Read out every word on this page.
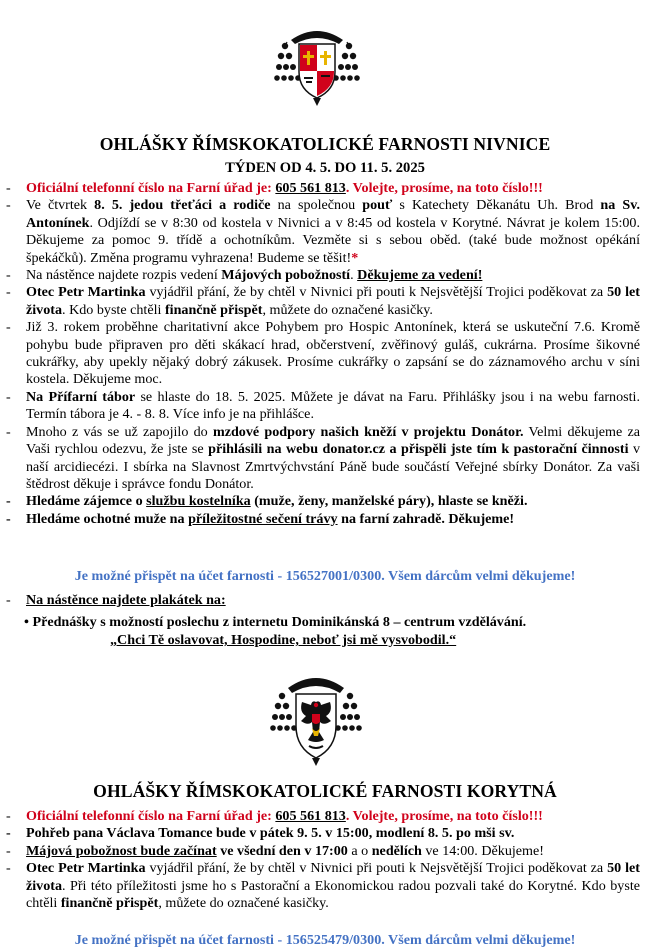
OHLÁŠKY ŘÍMSKOKATOLICKÉ FARNOSTI NIVNICE
TÝDEN OD 4. 5. DO 11. 5. 2025

- Oficiální telefonní číslo na Farní úřad je: 605 561 813. Volejte, prosíme, na toto číslo!!!

- Ve čtvrtek 8. 5. jedou třeťáci a rodiče na společnou pouť s Katechety Děkanátu Uh. Brod na Sv. Antonínek. Odjíždí se v 8:30 od kostela v Nivnici a v 8:45 od kostela v Korytné. Návrat je kolem 15:00. Děkujeme za pomoc 9. třídě a ochotníkům. Vezměte si s sebou oběd. (také bude možnost opékání špekáčků). Změna programu vyhrazena! Budeme se těšit!*

- Na nástěnce najdete rozpis vedení Májových pobožností. Děkujeme za vedení!

- Otec Petr Martinka vyjádřil přání, že by chtěl v Nivnici při pouti k Nejsvětější Trojici poděkovat za 50 let života. Kdo byste chtěli finančně přispět, můžete do označené kasičky.

- Již 3. rokem proběhne charitativní akce Pohybem pro Hospic Antonínek, která se uskuteční 7.6. Kromě pohybu bude připraven pro děti skákací hrad, občerstvení, zvěřinový guláš, cukrárna. Prosíme šikovné cukrářky, aby upekly nějaký dobrý zákusek. Prosíme cukrářky o zapsání se do záznamového archu v síni kostela. Děkujeme moc.

- Na Přífarní tábor se hlaste do 18. 5. 2025. Můžete je dávat na Faru. Přihlášky jsou i na webu farnosti. Termín tábora je 4. - 8. 8. Více info je na přihlášce.

- Mnoho z vás se už zapojilo do mzdové podpory našich kněží v projektu Donátor. Velmi děkujeme za Vaši rychlou odezvu, že jste se přihlásili na webu donator.cz a přispěli jste tím k pastorační činnosti v naší arcidiecézi. I sbírka na Slavnost Zmrtvýchvstání Páně bude součástí Veřejné sbírky Donátor. Za vaši štědrost děkuje i správce fondu Donátor.

- Hledáme zájemce o službu kostelníka (muže, ženy, manželské páry), hlaste se kněži.

- Hledáme ochotné muže na příležitostné sečení trávy na farní zahradě. Děkujeme!

Je možné přispět na účet farnosti - 156527001/0300. Všem dárcům velmi děkujeme!

- Na nástěnce najdete plakátek na:

• Přednášky s možností poslechu z internetu Dominikánská 8 – centrum vzdělávání.
„Chci Tě oslavovat, Hospodine, neboť jsi mě vysvobodil.“
OHLÁŠKY ŘÍMSKOKATOLICKÉ FARNOSTI KORYTNÁ

- Oficiální telefonní číslo na Farní úřad je: 605 561 813. Volejte, prosíme, na toto číslo!!!

- Pohřeb pana Václava Tomance bude v pátek 9. 5. v 15:00, modlení 8. 5. po mši sv.

- Májová pobožnost bude začínat ve všední den v 17:00 a o nedělích ve 14:00. Děkujeme!

- Otec Petr Martinka vyjádřil přání, že by chtěl v Nivnici při pouti k Nejsvětější Trojici poděkovat za 50 let života. Při této příležitosti jsme ho s Pastorační a Ekonomickou radou pozvali také do Korytné. Kdo byste chtěli finančně přispět, můžete do označené kasičky.

Je možné přispět na účet farnosti - 156525479/0300. Všem dárcům velmi děkujeme!
